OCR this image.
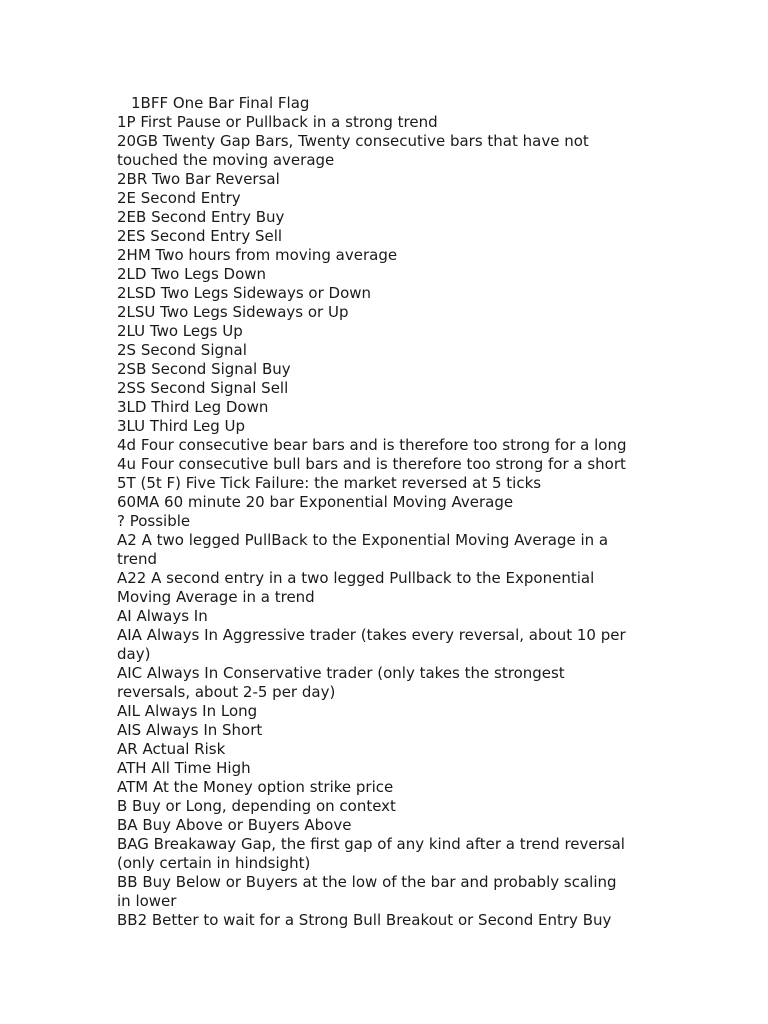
1BFF One Bar Final Flag
1P First Pause or Pullback in a strong trend
20GB Twenty Gap Bars, Twenty consecutive bars that have not
touched the moving average
2BR Two Bar Reversal
2E Second Entry
2EB Second Entry Buy
2ES Second Entry Sell
2HM Two hours from moving average
2LD Two Legs Down
2LSD Two Legs Sideways or Down
2LSU Two Legs Sideways or Up
2LU Two Legs Up
2S Second Signal
2SB Second Signal Buy
2SS Second Signal Sell
3LD Third Leg Down
3LU Third Leg Up
4d Four consecutive bear bars and is therefore too strong for a long
4u Four consecutive bull bars and is therefore too strong for a short
5T (5t F) Five Tick Failure: the market reversed at 5 ticks
60MA 60 minute 20 bar Exponential Moving Average
? Possible
A2 A two legged PullBack to the Exponential Moving Average in a
trend
A22 A second entry in a two legged Pullback to the Exponential
Moving Average in a trend
AI Always In
AIA Always In Aggressive trader (takes every reversal, about 10 per
day)
AIC Always In Conservative trader (only takes the strongest
reversals, about 2-5 per day)
AIL Always In Long
AIS Always In Short
AR Actual Risk
ATH All Time High
ATM At the Money option strike price
B Buy or Long, depending on context
BA Buy Above or Buyers Above
BAG Breakaway Gap, the first gap of any kind after a trend reversal
(only certain in hindsight)
BB Buy Below or Buyers at the low of the bar and probably scaling
in lower
BB2 Better to wait for a Strong Bull Breakout or Second Entry Buy
